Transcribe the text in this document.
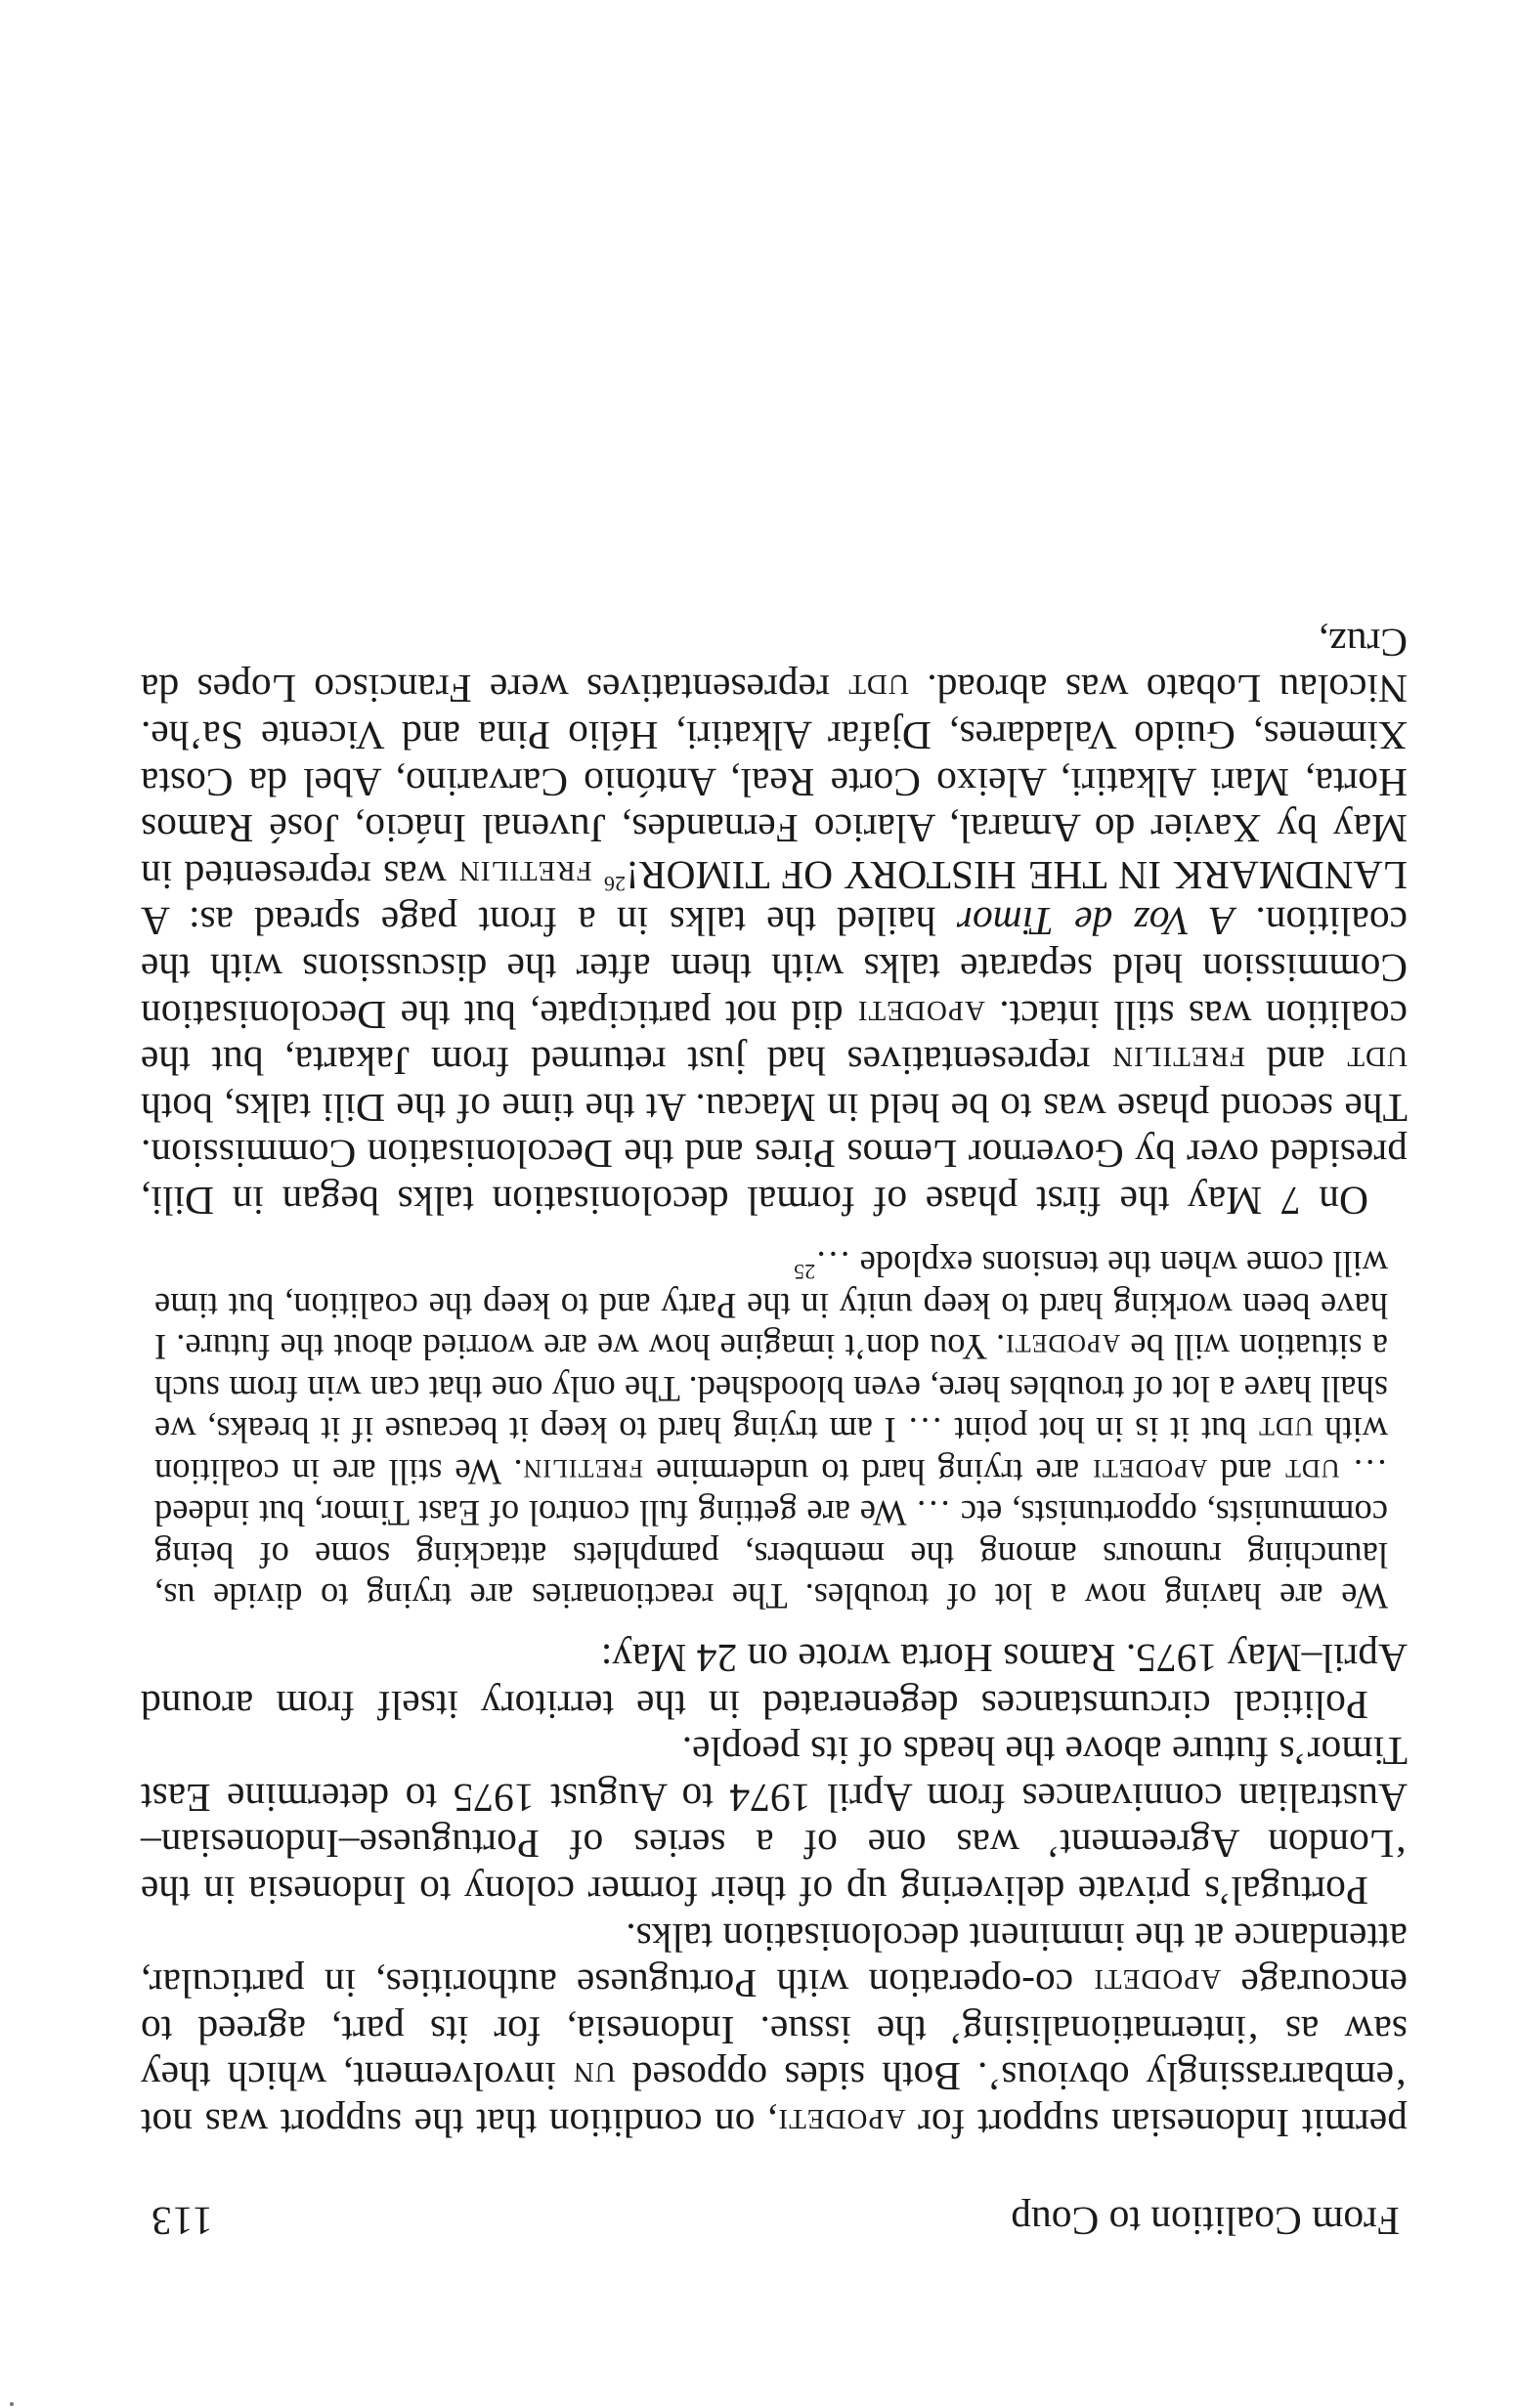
From Coalition to Coup
113

permit Indonesian support for apodeti, on condition that the support was not ‘embarrassingly obvious’. Both sides opposed un involvement, which they saw as ‘internationalising’ the issue. Indonesia, for its part, agreed to encourage apodeti co-operation with Portuguese authorities, in particular, attendance at the imminent decolonisation talks.

Portugal’s private delivering up of their former colony to Indonesia in the ‘London Agreement’ was one of a series of Portuguese–Indonesian–Australian connivances from April 1974 to August 1975 to determine East Timor’s future above the heads of its people.

Political circumstances degenerated in the territory itself from around April–May 1975. Ramos Horta wrote on 24 May:

We are having now a lot of troubles. The reactionaries are trying to divide us, launching rumours among the members, pamphlets attacking some of being communists, opportunists, etc … We are getting full control of East Timor, but indeed … udt and apodeti are trying hard to undermine fretilin. We still are in coalition with udt but it is in hot point … I am trying hard to keep it because if it breaks, we shall have a lot of troubles here, even bloodshed. The only one that can win from such a situation will be apodeti. You don’t imagine how we are worried about the future. I have been working hard to keep unity in the Party and to keep the coalition, but time will come when the tensions explode …$^{25}$

On 7 May the first phase of formal decolonisation talks began in Dili, presided over by Governor Lemos Pires and the Decolonisation Commission. The second phase was to be held in Macau. At the time of the Dili talks, both udt and fretilin representatives had just returned from Jakarta, but the coalition was still intact. apodeti did not participate, but the Decolonisation Commission held separate talks with them after the discussions with the coalition. A Voz de Timor hailed the talks in a front page spread as: A LANDMARK IN THE HISTORY OF TIMOR!$^{26}$ fretilin was represented in May by Xavier do Amaral, Alarico Fernandes, Juvenal Inácio, José Ramos Horta, Mari Alkatiri, Aleixo Corte Real, António Carvarino, Abel da Costa Ximenes, Guido Valadares, Djafar Alkatiri, Hélio Pina and Vicente Sa’he. Nicolau Lobato was abroad. udt representatives were Francisco Lopes da Cruz,
